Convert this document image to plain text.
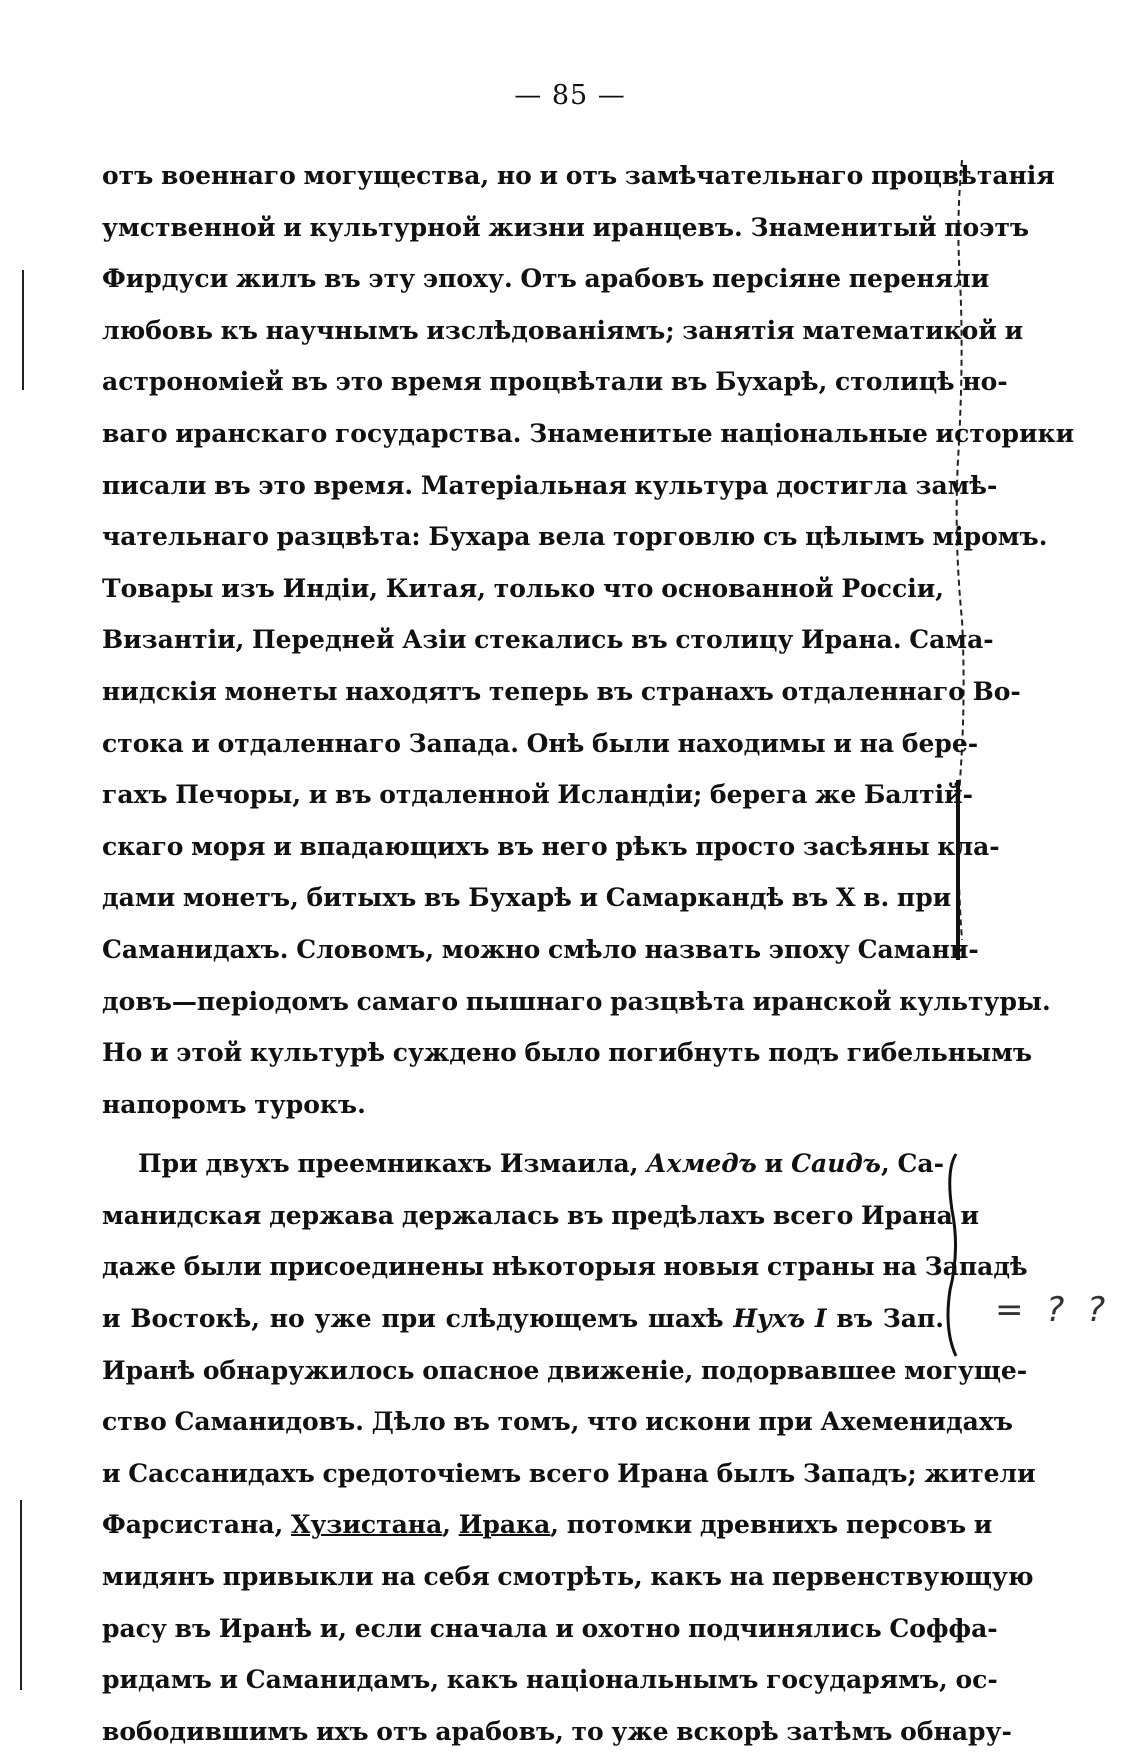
— 85 —
= ? ?
отъ военнаго могущества, но и отъ замѣчательнаго процвѣтанія
умственной и культурной жизни иранцевъ. Знаменитый поэтъ
Фирдуси жилъ въ эту эпоху. Отъ арабовъ персіяне переняли
любовь къ научнымъ изслѣдованіямъ; занятія математикой и
астрономіей въ это время процвѣтали въ Бухарѣ, столицѣ но-
ваго иранскаго государства. Знаменитые національные историки
писали въ это время. Матеріальная культура достигла замѣ-
чательнаго разцвѣта: Бухара вела торговлю съ цѣлымъ міромъ.
Товары изъ Индіи, Китая, только что основанной Россіи,
Византіи, Передней Азіи стекались въ столицу Ирана. Сама-
нидскія монеты находятъ теперь въ странахъ отдаленнаго Во-
стока и отдаленнаго Запада. Онѣ были находимы и на бере-
гахъ Печоры, и въ отдаленной Исландіи; берега же Балтій-
скаго моря и впадающихъ въ него рѣкъ просто засѣяны кла-
дами монетъ, битыхъ въ Бухарѣ и Самаркандѣ въ X в. при
Саманидахъ. Словомъ, можно смѣло назвать эпоху Самани-
довъ—періодомъ самаго пышнаго разцвѣта иранской культуры.
Но и этой культурѣ суждено было погибнуть подъ гибельнымъ
напоромъ турокъ.
При двухъ преемникахъ Измаила, Ахмедъ и Саидъ, Са-
манидская держава держалась въ предѣлахъ всего Ирана и
даже были присоединены нѣкоторыя новыя страны на Западѣ
и Востокѣ, но уже при слѣдующемъ шахѣ Нухъ I въ Зап.
Иранѣ обнаружилось опасное движеніе, подорвавшее могуще-
ство Саманидовъ. Дѣло въ томъ, что искони при Ахеменидахъ
и Сассанидахъ средоточіемъ всего Ирана былъ Западъ; жители
Фарсистана, Хузистана, Ирака, потомки древнихъ персовъ и
мидянъ привыкли на себя смотрѣть, какъ на первенствующую
расу въ Иранѣ и, если сначала и охотно подчинялись Соффа-
ридамъ и Саманидамъ, какъ національнымъ государямъ, ос-
вободившимъ ихъ отъ арабовъ, то уже вскорѣ затѣмъ обнару-
